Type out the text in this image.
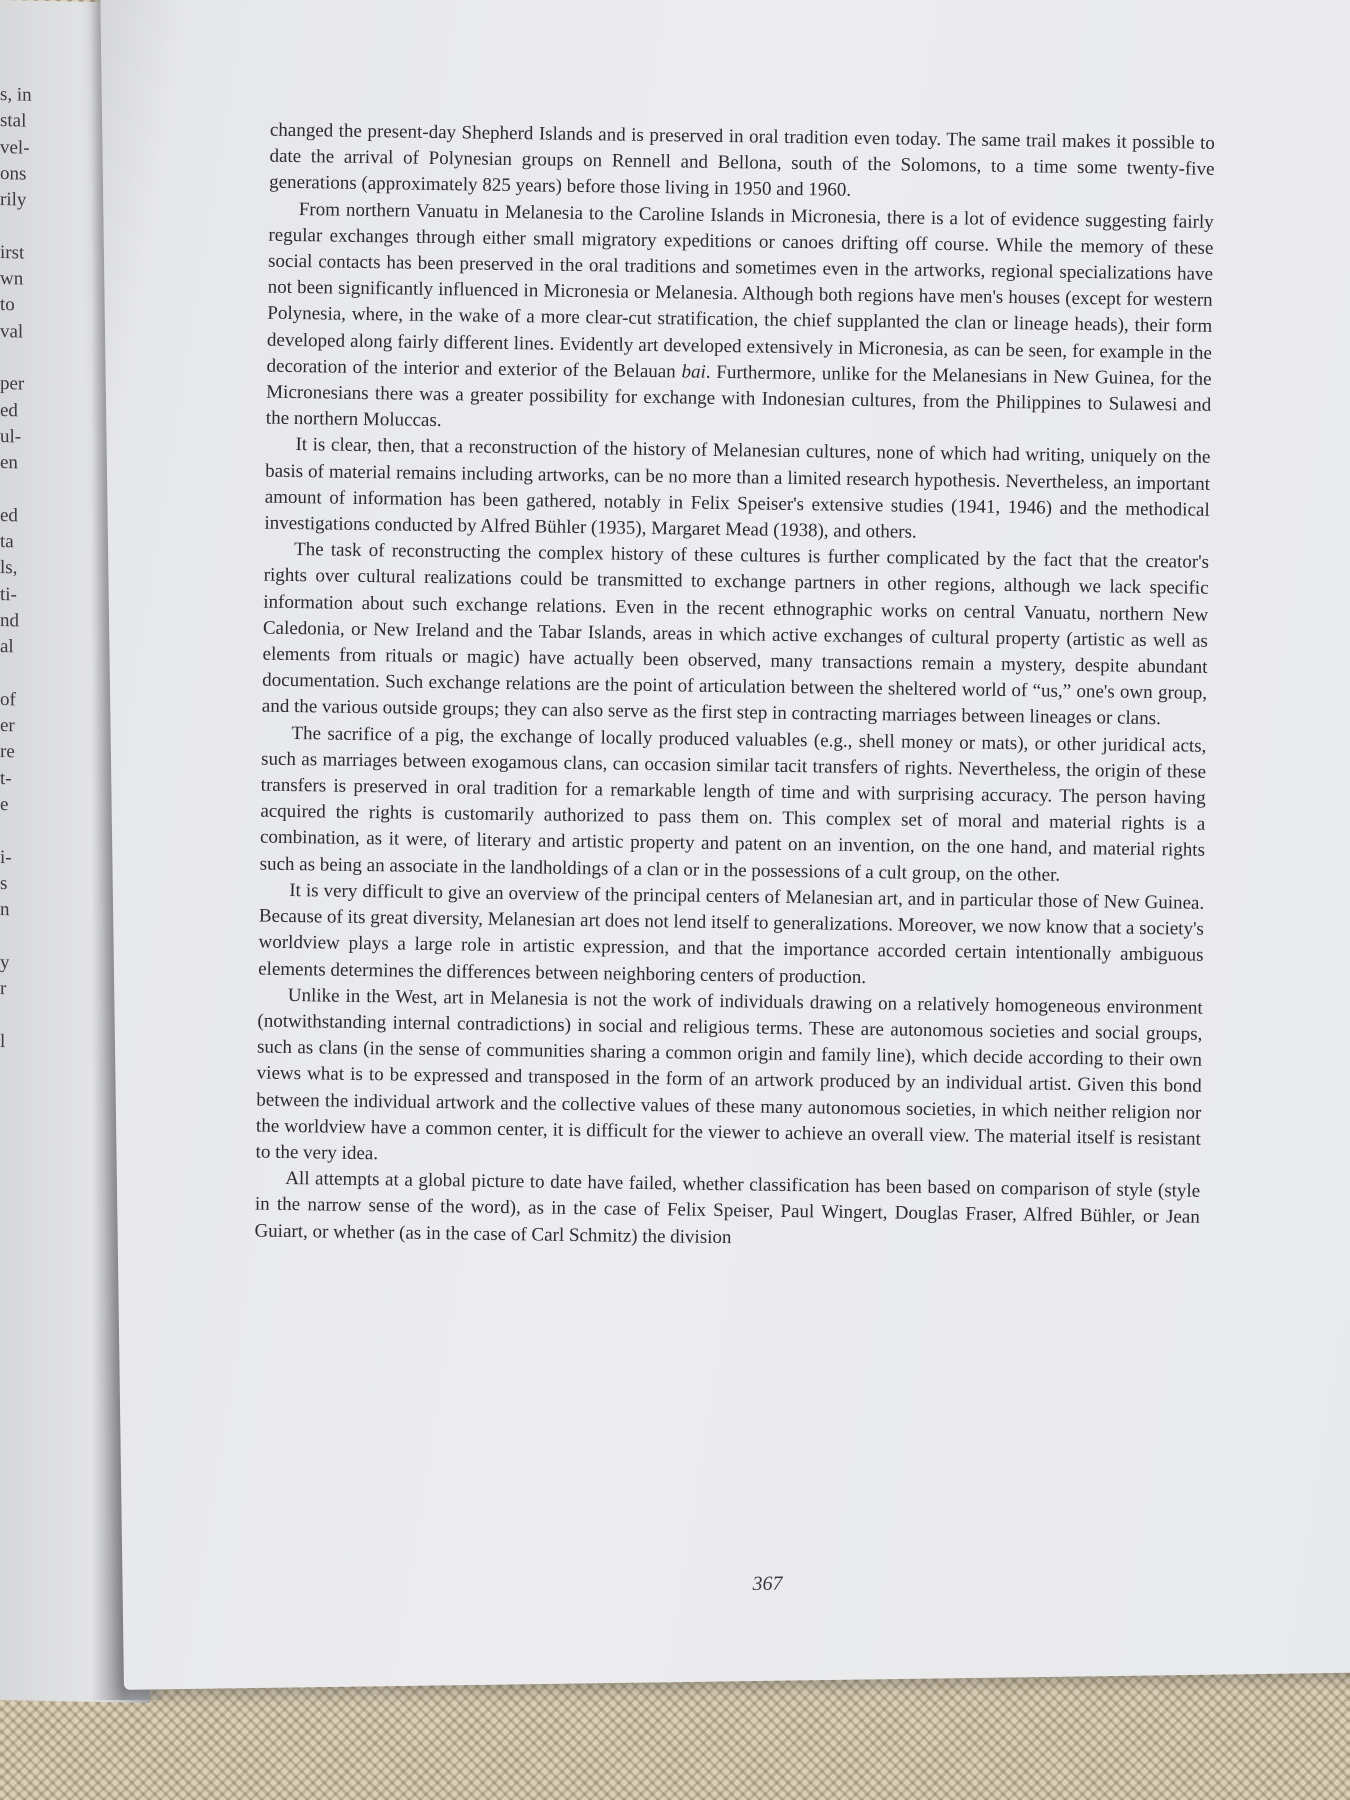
s, in
stal
vel-
ons
rily

irst
wn
to
val

per
ed
ul-
en

ed
ta
ls,
ti-
nd
al

of
er
re
t-
e

i-
s
n

y
r

l

changed the present-day Shepherd Islands and is preserved in oral tradition even today. The same trail makes it possible to date the arrival of Polynesian groups on Rennell and Bellona, south of the Solomons, to a time some twenty-five generations (approximately 825 years) before those living in 1950 and 1960.

From northern Vanuatu in Melanesia to the Caroline Islands in Micronesia, there is a lot of evidence suggesting fairly regular exchanges through either small migratory expeditions or canoes drifting off course. While the memory of these social contacts has been preserved in the oral traditions and sometimes even in the artworks, regional specializations have not been significantly influenced in Micronesia or Melanesia. Although both regions have men's houses (except for western Polynesia, where, in the wake of a more clear-cut stratification, the chief supplanted the clan or lineage heads), their form developed along fairly different lines. Evidently art developed extensively in Micronesia, as can be seen, for example in the decoration of the interior and exterior of the Belauan bai. Furthermore, unlike for the Melanesians in New Guinea, for the Micronesians there was a greater possibility for exchange with Indonesian cultures, from the Philippines to Sulawesi and the northern Moluccas.

It is clear, then, that a reconstruction of the history of Melanesian cultures, none of which had writing, uniquely on the basis of material remains including artworks, can be no more than a limited research hypothesis. Nevertheless, an important amount of information has been gathered, notably in Felix Speiser's extensive studies (1941, 1946) and the methodical investigations conducted by Alfred Bühler (1935), Margaret Mead (1938), and others.

The task of reconstructing the complex history of these cultures is further complicated by the fact that the creator's rights over cultural realizations could be transmitted to exchange partners in other regions, although we lack specific information about such exchange relations. Even in the recent ethnographic works on central Vanuatu, northern New Caledonia, or New Ireland and the Tabar Islands, areas in which active exchanges of cultural property (artistic as well as elements from rituals or magic) have actually been observed, many transactions remain a mystery, despite abundant documentation. Such exchange relations are the point of articulation between the sheltered world of “us,” one's own group, and the various outside groups; they can also serve as the first step in contracting marriages between lineages or clans.

The sacrifice of a pig, the exchange of locally produced valuables (e.g., shell money or mats), or other juridical acts, such as marriages between exogamous clans, can occasion similar tacit transfers of rights. Nevertheless, the origin of these transfers is preserved in oral tradition for a remarkable length of time and with surprising accuracy. The person having acquired the rights is customarily authorized to pass them on. This complex set of moral and material rights is a combination, as it were, of literary and artistic property and patent on an invention, on the one hand, and material rights such as being an associate in the landholdings of a clan or in the possessions of a cult group, on the other.

It is very difficult to give an overview of the principal centers of Melanesian art, and in particular those of New Guinea. Because of its great diversity, Melanesian art does not lend itself to generalizations. Moreover, we now know that a society's worldview plays a large role in artistic expression, and that the importance accorded certain intentionally ambiguous elements determines the differences between neighboring centers of production.

Unlike in the West, art in Melanesia is not the work of individuals drawing on a relatively homogeneous environment (notwithstanding internal contradictions) in social and religious terms. These are autonomous societies and social groups, such as clans (in the sense of communities sharing a common origin and family line), which decide according to their own views what is to be expressed and transposed in the form of an artwork produced by an individual artist. Given this bond between the individual artwork and the collective values of these many autonomous societies, in which neither religion nor the worldview have a common center, it is difficult for the viewer to achieve an overall view. The material itself is resistant to the very idea.

All attempts at a global picture to date have failed, whether classification has been based on comparison of style (style in the narrow sense of the word), as in the case of Felix Speiser, Paul Wingert, Douglas Fraser, Alfred Bühler, or Jean Guiart, or whether (as in the case of Carl Schmitz) the division

367
